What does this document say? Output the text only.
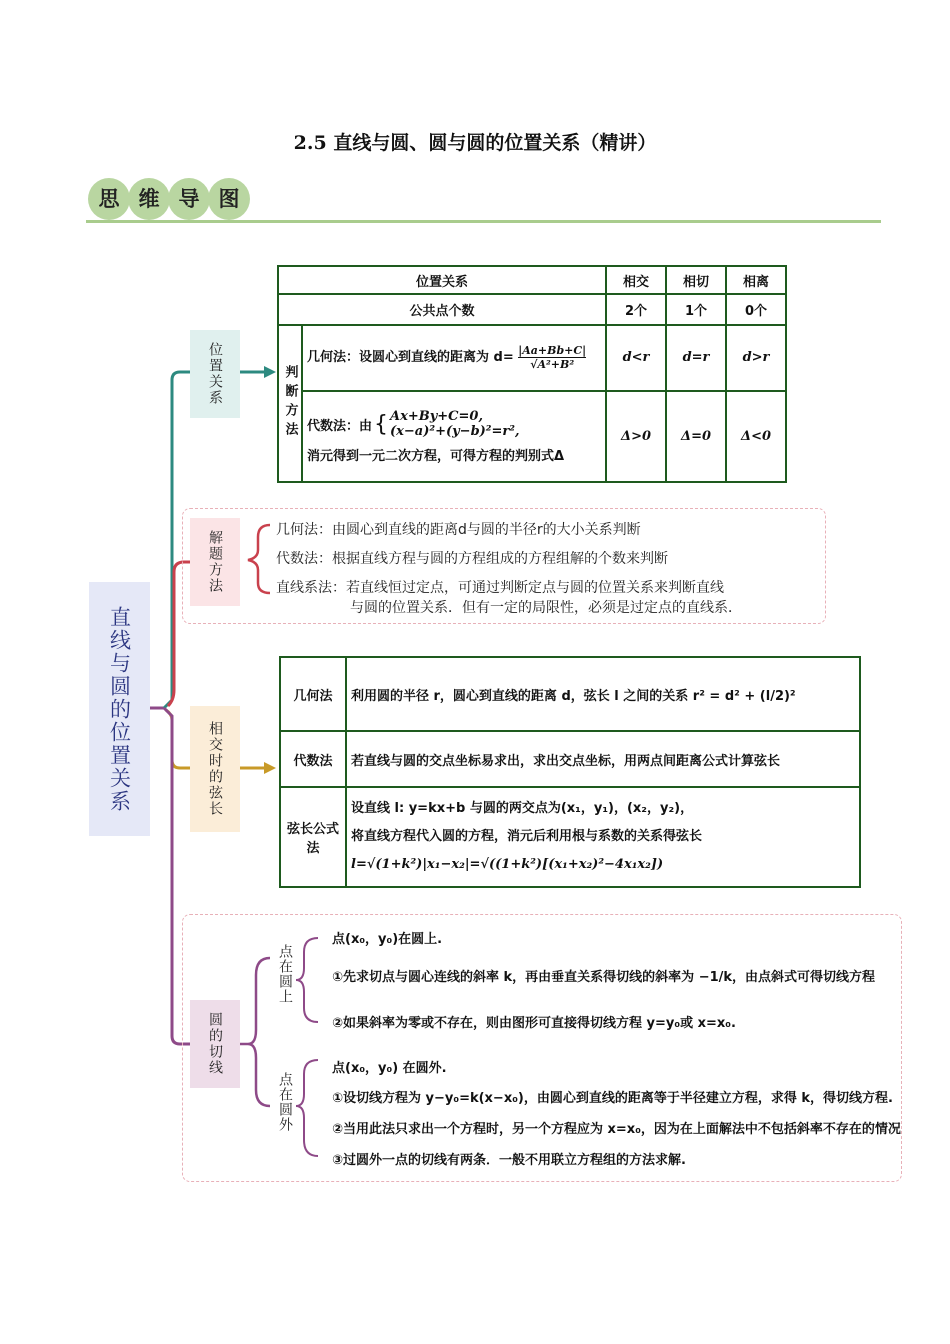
2.5 直线与圆、圆与圆的位置关系（精讲）
思 维 导 图
直线与圆的位置关系
位置关系
解题方法
相交时的弦长
圆的切线
位置关系		相交	相切	相离
公共点个数		2个	1个	0个

判断方法	几何法：设圆心到直线的距离为 $d= \frac{|Aa+Bb+C|}{\text{√A²+B²}}$	d<r	d=r	d>r

	代数法：由 { Ax+By+C=0,
(x−a)²+(y−b)²=r²,
消元得到一元二次方程，可得方程的判别式Δ	Δ>0	Δ=0	Δ<0
几何法：由圆心到直线的距离d与圆的半径r的大小关系判断
代数法：根据直线方程与圆的方程组成的方程组解的个数来判断
直线系法：若直线恒过定点，可通过判断定点与圆的位置关系来判断直线
与圆的位置关系．但有一定的局限性，必须是过定点的直线系．
几何法	利用圆的半径 r，圆心到直线的距离 d，弦长 l 之间的关系 r² = d² + (l/2)²
代数法	若直线与圆的交点坐标易求出，求出交点坐标，用两点间距离公式计算弦长
弦长公式法	设直线 l: y=kx+b 与圆的两交点为(x₁，y₁)，(x₂，y₂)，
将直线方程代入圆的方程，消元后利用根与系数的关系得弦长
l=√(1+k²)|x₁−x₂|=√((1+k²)[(x₁+x₂)²−4x₁x₂])
点在圆上
点在圆外
点(x₀，y₀)在圆上.
①先求切点与圆心连线的斜率 k，再由垂直关系得切线的斜率为 −1/k，由点斜式可得切线方程
②如果斜率为零或不存在，则由图形可直接得切线方程 y=y₀或 x=x₀.
点(x₀，y₀) 在圆外.
①设切线方程为 y−y₀=k(x−x₀)，由圆心到直线的距离等于半径建立方程，求得 k，得切线方程.
②当用此法只求出一个方程时，另一个方程应为 x=x₀，因为在上面解法中不包括斜率不存在的情况
③过圆外一点的切线有两条．一般不用联立方程组的方法求解.
